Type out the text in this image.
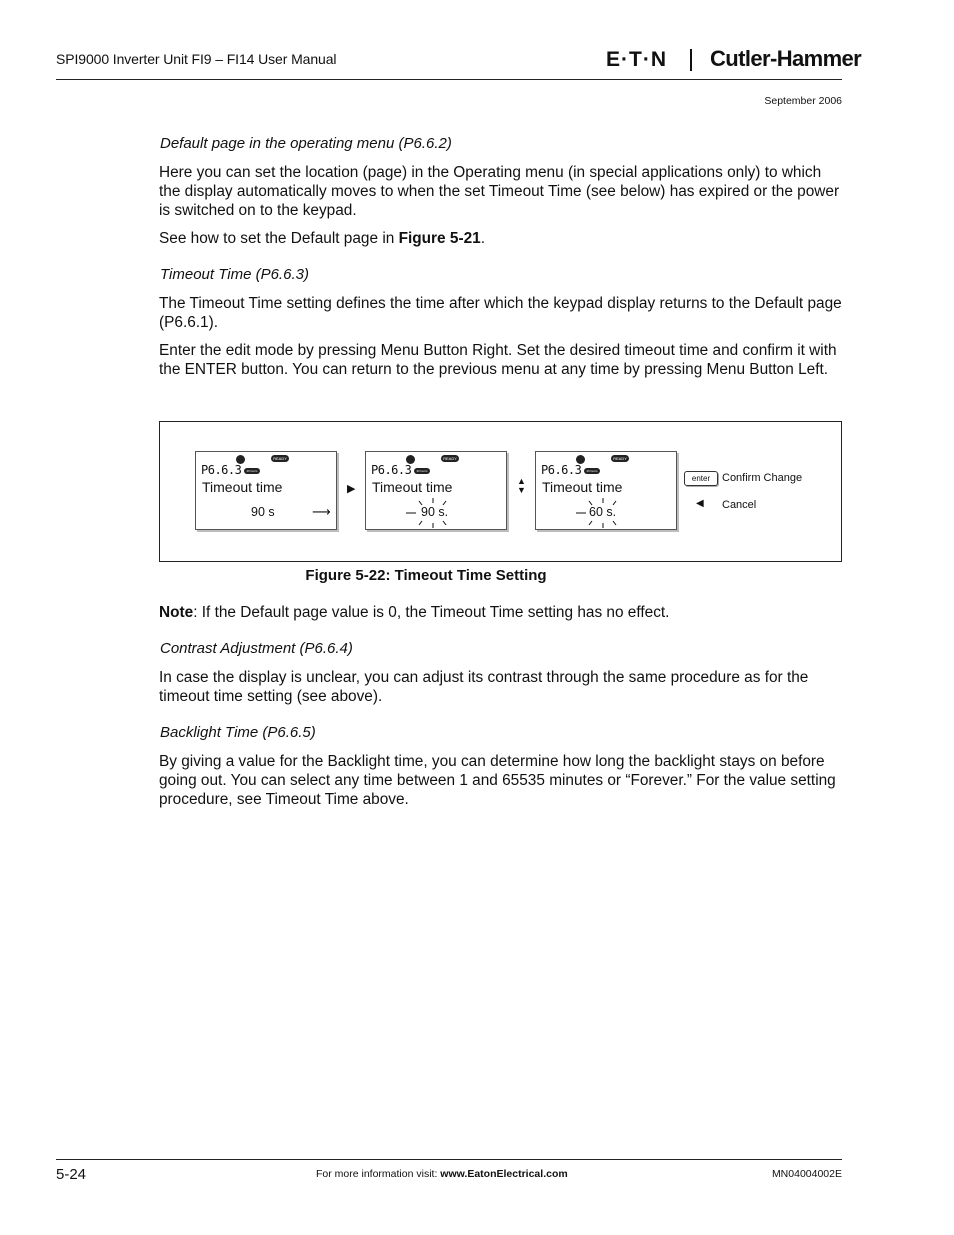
SPI9000 Inverter Unit FI9 – FI14 User Manual	E·T·N Cutler-Hammer
September 2006
Default page in the operating menu (P6.6.2)
Here you can set the location (page) in the Operating menu (in special applications only) to which the display automatically moves to when the set Timeout Time (see below) has expired or the power is switched on to the keypad.
See how to set the Default page in Figure 5-21.
Timeout Time (P6.6.3)
The Timeout Time setting defines the time after which the keypad display returns to the Default page (P6.6.1).
Enter the edit mode by pressing Menu Button Right. Set the desired timeout time and confirm it with the ENTER button. You can return to the previous menu at any time by pressing Menu Button Left.
READY
P6.6.3	I/O term
Timeout time
90 s	⟶
▶
READY
P6.6.3	I/O term
Timeout time
90 s.
▲
▼
READY
P6.6.3	I/O term
Timeout time
60 s.
enter	Confirm Change
◀ Cancel
Figure 5-22: Timeout Time Setting
Note: If the Default page value is 0, the Timeout Time setting has no effect.
Contrast Adjustment (P6.6.4)
In case the display is unclear, you can adjust its contrast through the same procedure as for the timeout time setting (see above).
Backlight Time (P6.6.5)
By giving a value for the Backlight time, you can determine how long the backlight stays on before going out. You can select any time between 1 and 65535 minutes or “Forever.” For the value setting procedure, see Timeout Time above.
5-24	For more information visit: www.EatonElectrical.com	MN04004002E
